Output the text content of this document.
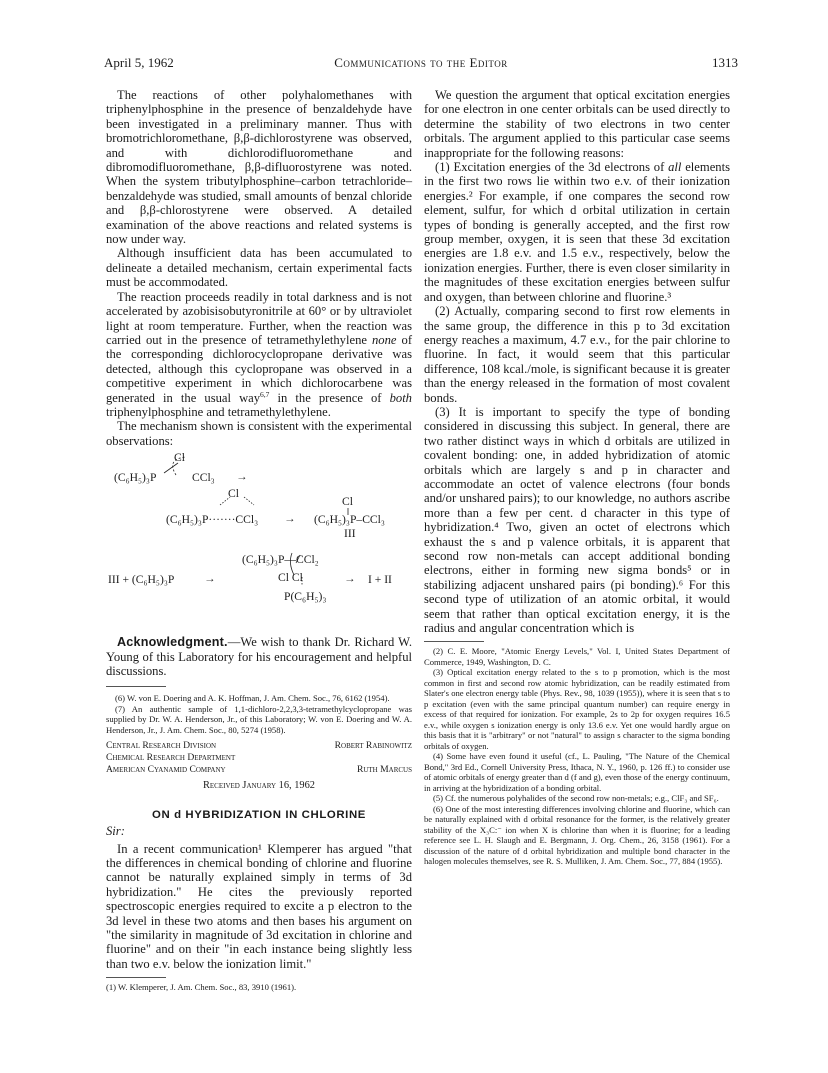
April 5, 1962	Communications to the Editor	1313

The reactions of other polyhalomethanes with triphenylphosphine in the presence of benzaldehyde have been investigated in a preliminary manner. Thus with bromotrichloromethane, β,β-dichlorostyrene was observed, and with dichlorodifluoromethane and dibromodifluoromethane, β,β-difluorostyrene was noted. When the system tributylphosphine–carbon tetrachloride–benzaldehyde was studied, small amounts of benzal chloride and β,β-chlorostyrene were observed. A detailed examination of the above reactions and related systems is now under way.

Although insufficient data has been accumulated to delineate a detailed mechanism, certain experimental facts must be accommodated.

The reaction proceeds readily in total darkness and is not accelerated by azobisisobutyronitrile at 60° or by ultraviolet light at room temperature. Further, when the reaction was carried out in the presence of tetramethylethylene none of the corresponding dichlorocyclopropane derivative was detected, although this cyclopropane was observed in a competitive experiment in which dichlorocarbene was generated in the usual way$^{6,7}$ in the presence of both triphenylphosphine and tetramethylethylene.

The mechanism shown is consistent with the experimental observations:

Cl
(C₆H₅)₃P	CCl₃ →
Cl
Cl
(C₆H₅)₃P·······CCl₃ → (C₆H₅)₃P–CCl₃
III
(C₆H₅)₃P—CCl₂
III + (C₆H₅)₃P	→	Cl Cl
P(C₆H₅)₃
→ I + II

Acknowledgment.—We wish to thank Dr. Richard W. Young of this Laboratory for his encouragement and helpful discussions.

(6) W. von E. Doering and A. K. Hoffman, J. Am. Chem. Soc., 76, 6162 (1954).

(7) An authentic sample of 1,1-dichloro-2,2,3,3-tetramethylcyclopropane was supplied by Dr. W. A. Henderson, Jr., of this Laboratory; W. von E. Doering and W. A. Henderson, Jr., J. Am. Chem. Soc., 80, 5274 (1958).

Central Research Division
Chemical Research Department
American Cyanamid Company
Robert Rabinowitz
Ruth Marcus
Received January 16, 1962
ON d HYBRIDIZATION IN CHLORINE
Sir:

In a recent communication¹ Klemperer has argued "that the differences in chemical bonding of chlorine and fluorine cannot be naturally explained simply in terms of 3d hybridization." He cites the previously reported spectroscopic energies required to excite a p electron to the 3d level in these two atoms and then bases his argument on "the similarity in magnitude of 3d excitation in chlorine and fluorine" and on their "in each instance being slightly less than two e.v. below the ionization limit."

(1) W. Klemperer, J. Am. Chem. Soc., 83, 3910 (1961).

We question the argument that optical excitation energies for one electron in one center orbitals can be used directly to determine the stability of two electrons in two center orbitals. The argument applied to this particular case seems inappropriate for the following reasons:

(1) Excitation energies of the 3d electrons of all elements in the first two rows lie within two e.v. of their ionization energies.² For example, if one compares the second row element, sulfur, for which d orbital utilization in certain types of bonding is generally accepted, and the first row group member, oxygen, it is seen that these 3d excitation energies are 1.8 e.v. and 1.5 e.v., respectively, below the ionization energies. Further, there is even closer similarity in the magnitudes of these excitation energies between sulfur and oxygen, than between chlorine and fluorine.³

(2) Actually, comparing second to first row elements in the same group, the difference in this p to 3d excitation energy reaches a maximum, 4.7 e.v., for the pair chlorine to fluorine. In fact, it would seem that this particular difference, 108 kcal./mole, is significant because it is greater than the energy released in the formation of most covalent bonds.

(3) It is important to specify the type of bonding considered in discussing this subject. In general, there are two rather distinct ways in which d orbitals are utilized in covalent bonding: one, in added hybridization of atomic orbitals which are largely s and p in character and accommodate an octet of valence electrons (four bonds and/or unshared pairs); to our knowledge, no authors ascribe more than a few per cent. d character in this type of hybridization.⁴ Two, given an octet of electrons which exhaust the s and p valence orbitals, it is apparent that second row non-metals can accept additional bonding electrons, either in forming new sigma bonds⁵ or in stabilizing adjacent unshared pairs (pi bonding).⁶ For this second type of utilization of an atomic orbital, it would seem that rather than optical excitation energy, it is the radius and angular concentration which is

(2) C. E. Moore, "Atomic Energy Levels," Vol. I, United States Department of Commerce, 1949, Washington, D. C.

(3) Optical excitation energy related to the s to p promotion, which is the most common in first and second row atomic hybridization, can be readily estimated from Slater's one electron energy table (Phys. Rev., 98, 1039 (1955)), where it is seen that s to p excitation (even with the same principal quantum number) can require energy in excess of that required for ionization. For example, 2s to 2p for oxygen requires 16.5 e.v., while oxygen s ionization energy is only 13.6 e.v. Yet one would hardly argue on this basis that it is "arbitrary" or not "natural" to assign s character to the sigma bonding orbitals of oxygen.

(4) Some have even found it useful (cf., L. Pauling, "The Nature of the Chemical Bond," 3rd Ed., Cornell University Press, Ithaca, N. Y., 1960, p. 126 ff.) to consider use of atomic orbitals of energy greater than d (f and g), even those of the energy continuum, in arriving at the hybridization of a bonding orbital.

(5) Cf. the numerous polyhalides of the second row non-metals; e.g., ClF₃ and SF₆.

(6) One of the most interesting differences involving chlorine and fluorine, which can be naturally explained with d orbital resonance for the former, is the relatively greater stability of the X₃C:⁻ ion when X is chlorine than when it is fluorine; for a leading reference see L. H. Slaugh and E. Bergmann, J. Org. Chem., 26, 3158 (1961). For a discussion of the nature of d orbital hybridization and multiple bond character in the halogen molecules themselves, see R. S. Mulliken, J. Am. Chem. Soc., 77, 884 (1955).
